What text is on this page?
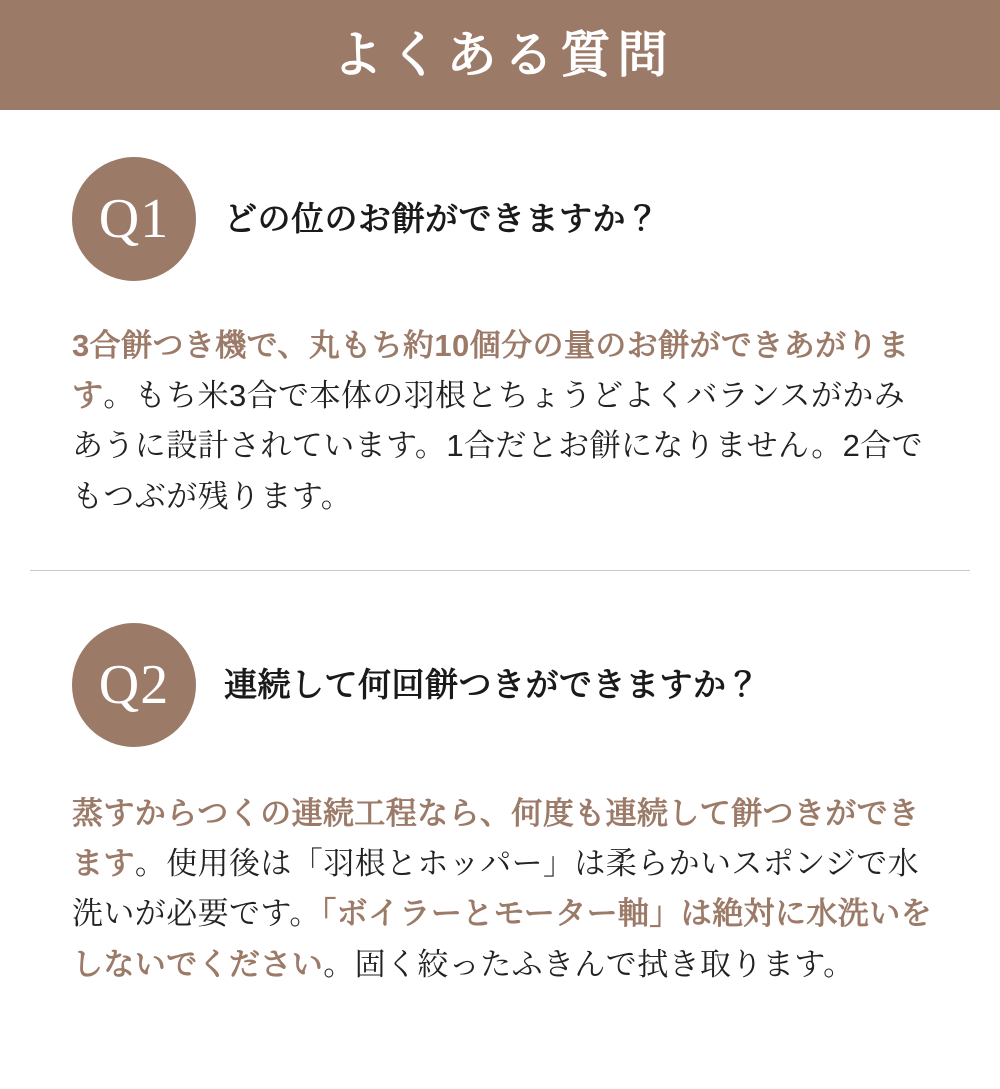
よくある質問
Q1	どの位のお餅ができますか？
3合餅つき機で、丸もち約10個分の量のお餅ができあがります。もち米3合で本体の羽根とちょうどよくバランスがかみあうに設計されています。1合だとお餅になりません。2合でもつぶが残ります。
Q2	連続して何回餅つきができますか？
蒸すからつくの連続工程なら、何度も連続して餅つきができます。使用後は「羽根とホッパー」は柔らかいスポンジで水洗いが必要です。「ボイラーとモーター軸」は絶対に水洗いをしないでください。固く絞ったふきんで拭き取ります。
